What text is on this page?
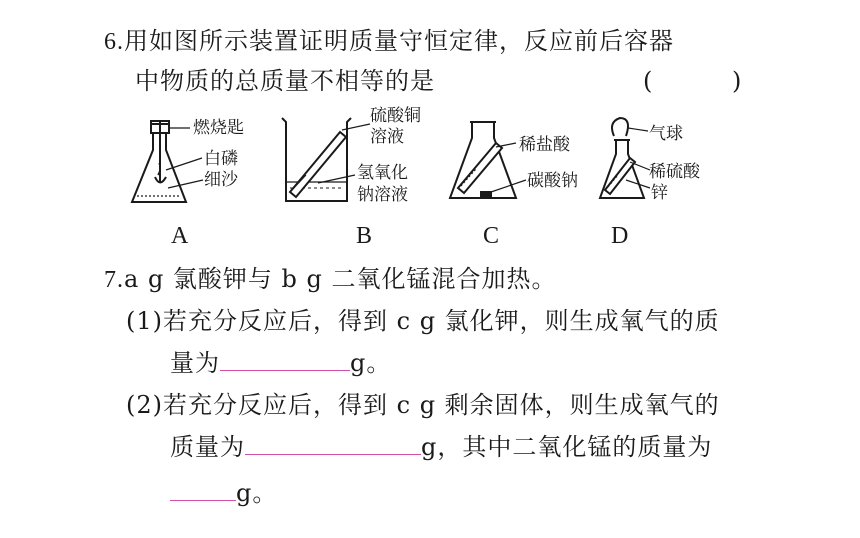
6.用如图所示装置证明质量守恒定律，反应前后容器
中物质的总质量不相等的是	(	)
燃烧匙
白磷
细沙
硫酸铜
溶液
氢氧化
钠溶液
稀盐酸
碳酸钠
气球
稀硫酸
锌
A	B	C	D
7.a g 氯酸钾与 b g 二氧化锰混合加热。
(1)若充分反应后，得到 c g 氯化钾，则生成氧气的质
量为	g。
(2)若充分反应后，得到 c g 剩余固体，则生成氧气的
质量为	g，其中二氧化锰的质量为
g。
